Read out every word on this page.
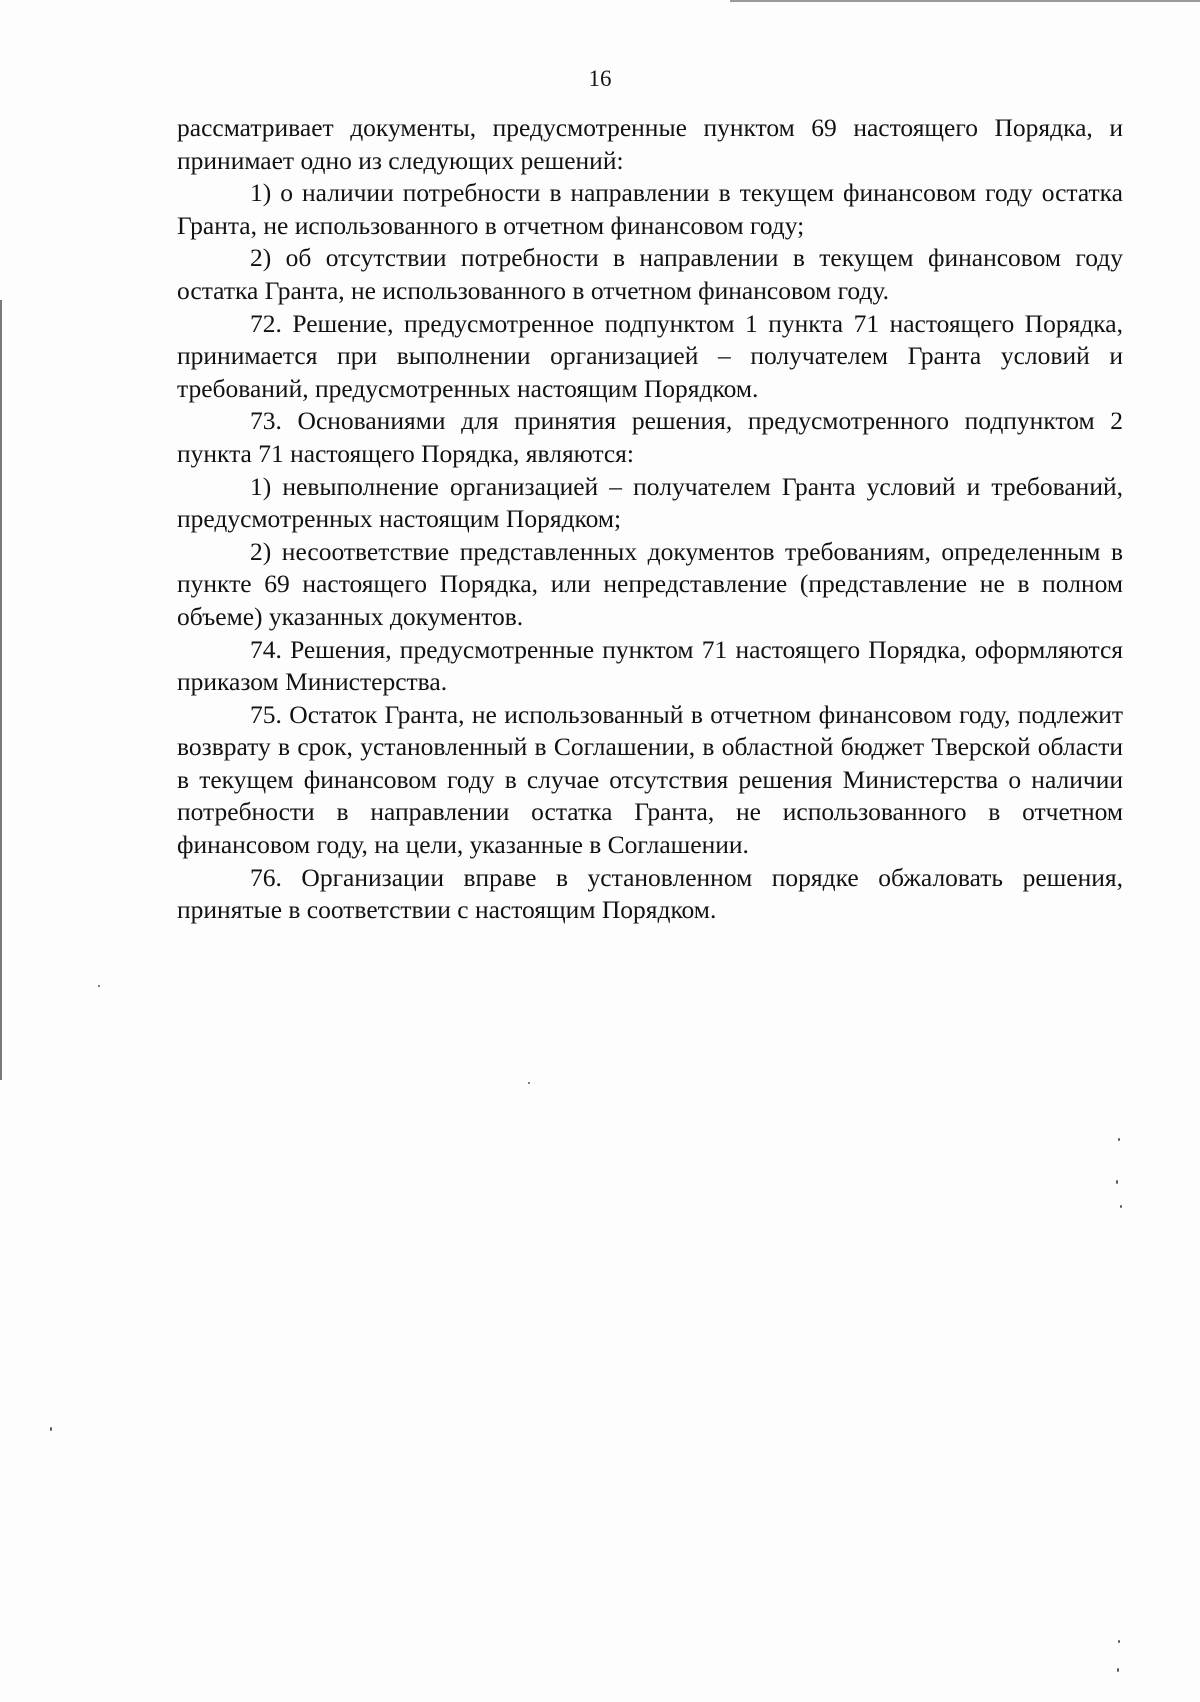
16

рассматривает документы, предусмотренные пунктом 69 настоящего Порядка, и принимает одно из следующих решений:

1) о наличии потребности в направлении в текущем финансовом году остатка Гранта, не использованного в отчетном финансовом году;

2) об отсутствии потребности в направлении в текущем финансовом году остатка Гранта, не использованного в отчетном финансовом году.

72. Решение, предусмотренное подпунктом 1 пункта 71 настоящего Порядка, принимается при выполнении организацией – получателем Гранта условий и требований, предусмотренных настоящим Порядком.

73. Основаниями для принятия решения, предусмотренного подпунктом 2 пункта 71 настоящего Порядка, являются:

1) невыполнение организацией – получателем Гранта условий и требований, предусмотренных настоящим Порядком;

2) несоответствие представленных документов требованиям, определенным в пункте 69 настоящего Порядка, или непредставление (представление не в полном объеме) указанных документов.

74. Решения, предусмотренные пунктом 71 настоящего Порядка, оформляются приказом Министерства.

75. Остаток Гранта, не использованный в отчетном финансовом году, подлежит возврату в срок, установленный в Соглашении, в областной бюджет Тверской области в текущем финансовом году в случае отсутствия решения Министерства о наличии потребности в направлении остатка Гранта, не использованного в отчетном финансовом году, на цели, указанные в Соглашении.

76. Организации вправе в установленном порядке обжаловать решения, принятые в соответствии с настоящим Порядком.
